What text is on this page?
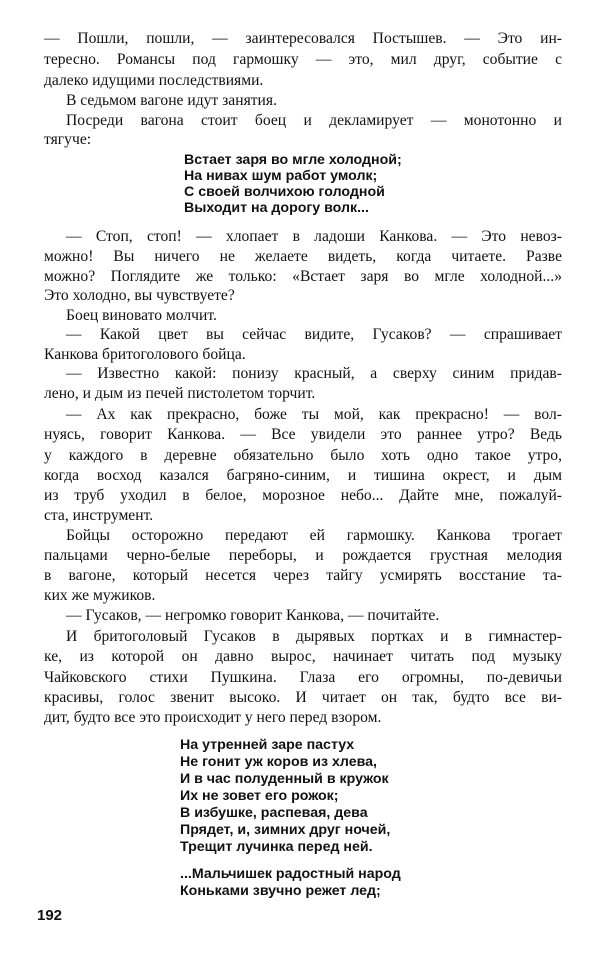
— Пошли, пошли, — заинтересовался Постышев. — Это ин-
тересно. Романсы под гармошку — это, мил друг, событие с
далеко идущими последствиями.
В седьмом вагоне идут занятия.
Посреди вагона стоит боец и декламирует — монотонно и
тягуче:
Встает заря во мгле холодной;
На нивах шум работ умолк;
С своей волчихою голодной
Выходит на дорогу волк...
— Стоп, стоп! — хлопает в ладоши Канкова. — Это невоз-
можно! Вы ничего не желаете видеть, когда читаете. Разве
можно? Поглядите же только: «Встает заря во мгле холодной...»
Это холодно, вы чувствуете?
Боец виновато молчит.
— Какой цвет вы сейчас видите, Гусаков? — спрашивает
Канкова бритоголового бойца.
— Известно какой: понизу красный, а сверху синим придав-
лено, и дым из печей пистолетом торчит.
— Ах как прекрасно, боже ты мой, как прекрасно! — вол-
нуясь, говорит Канкова. — Все увидели это раннее утро? Ведь
у каждого в деревне обязательно было хоть одно такое утро,
когда восход казался багряно-синим, и тишина окрест, и дым
из труб уходил в белое, морозное небо... Дайте мне, пожалуй-
ста, инструмент.
Бойцы осторожно передают ей гармошку. Канкова трогает
пальцами черно-белые переборы, и рождается грустная мелодия
в вагоне, который несется через тайгу усмирять восстание та-
ких же мужиков.
— Гусаков, — негромко говорит Канкова, — почитайте.
И бритоголовый Гусаков в дырявых портках и в гимнастер-
ке, из которой он давно вырос, начинает читать под музыку
Чайковского стихи Пушкина. Глаза его огромны, по-девичьи
красивы, голос звенит высоко. И читает он так, будто все ви-
дит, будто все это происходит у него перед взором.
На утренней заре пастух
Не гонит уж коров из хлева,
И в час полуденный в кружок
Их не зовет его рожок;
В избушке, распевая, дева
Прядет, и, зимних друг ночей,
Трещит лучинка перед ней.
...Мальчишек радостный народ
Коньками звучно режет лед;
192
